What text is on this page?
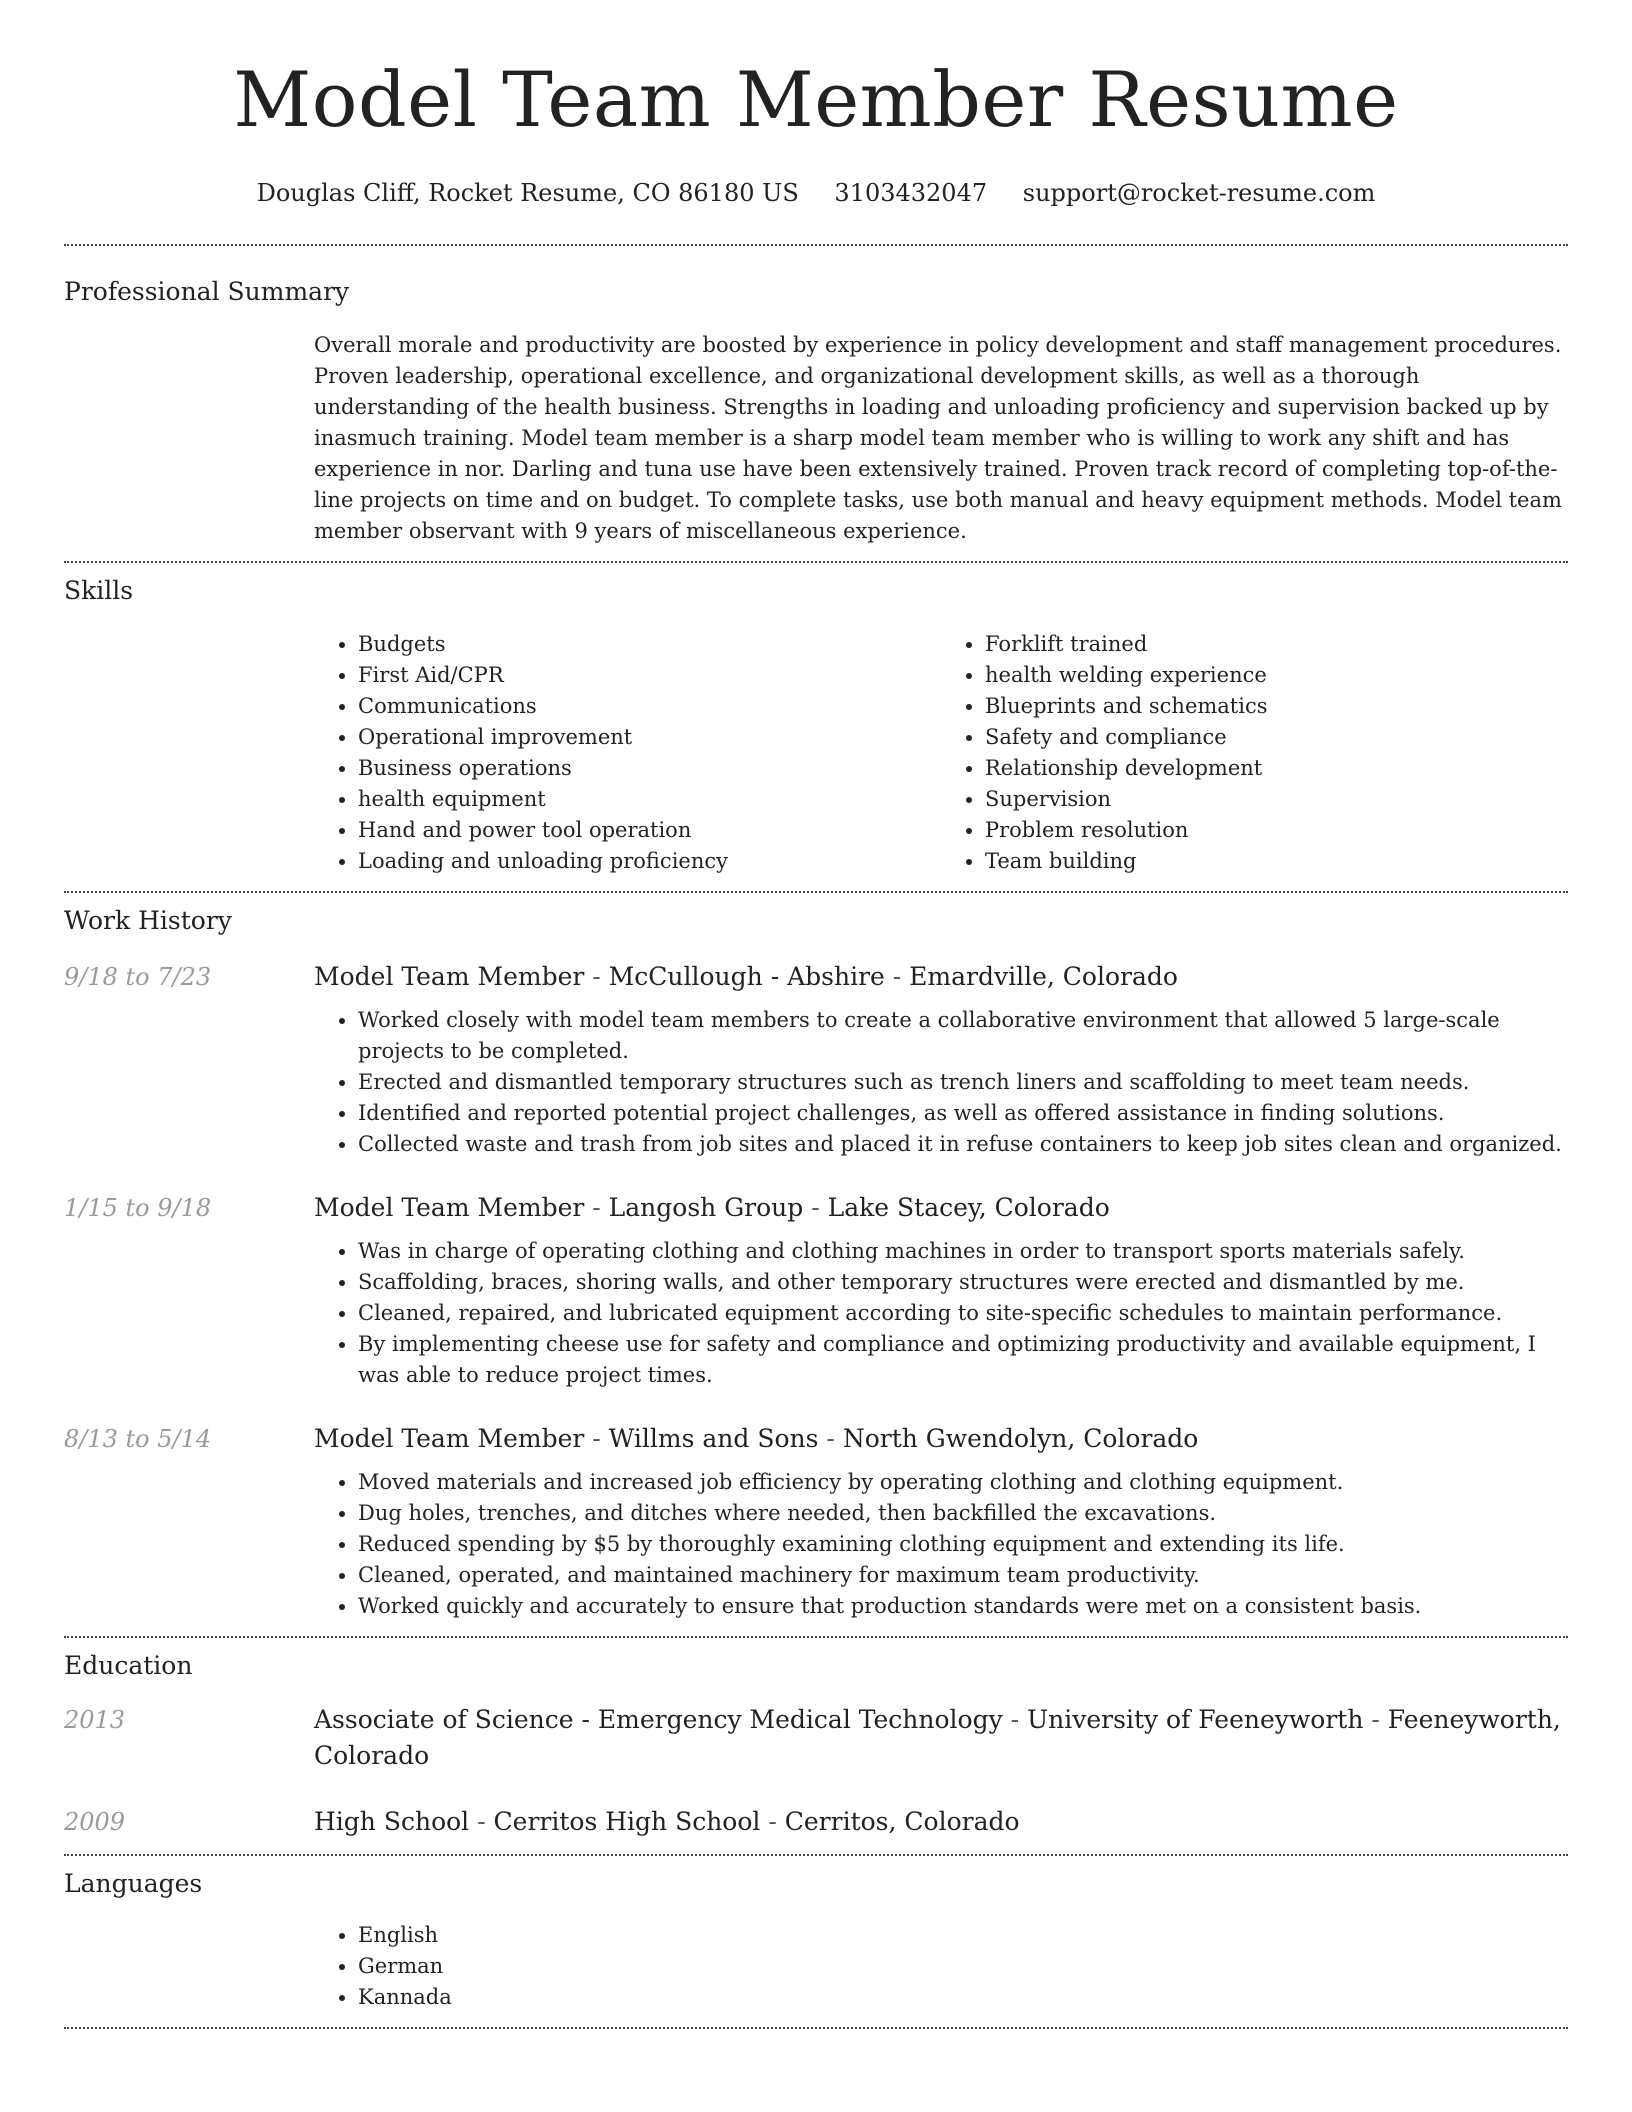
Model Team Member Resume
Douglas Cliff, Rocket Resume, CO 86180 US 3103432047 support@rocket-resume.com
Professional Summary

Overall morale and productivity are boosted by experience in policy development and staff management procedures. Proven leadership, operational excellence, and organizational development skills, as well as a thorough understanding of the health business. Strengths in loading and unloading proficiency and supervision backed up by inasmuch training. Model team member is a sharp model team member who is willing to work any shift and has experience in nor. Darling and tuna use have been extensively trained. Proven track record of completing top-of-the-line projects on time and on budget. To complete tasks, use both manual and heavy equipment methods. Model team member observant with 9 years of miscellaneous experience.

Skills
• Budgets
• First Aid/CPR
• Communications
• Operational improvement
• Business operations
• health equipment
• Hand and power tool operation
• Loading and unloading proficiency
• Forklift trained
• health welding experience
• Blueprints and schematics
• Safety and compliance
• Relationship development
• Supervision
• Problem resolution
• Team building
Work History
9/18 to 7/23	Model Team Member - McCullough - Abshire - Emardville, Colorado
• Worked closely with model team members to create a collaborative environment that allowed 5 large-scale projects to be completed.
• Erected and dismantled temporary structures such as trench liners and scaffolding to meet team needs.
• Identified and reported potential project challenges, as well as offered assistance in finding solutions.
• Collected waste and trash from job sites and placed it in refuse containers to keep job sites clean and organized.
1/15 to 9/18	Model Team Member - Langosh Group - Lake Stacey, Colorado
• Was in charge of operating clothing and clothing machines in order to transport sports materials safely.
• Scaffolding, braces, shoring walls, and other temporary structures were erected and dismantled by me.
• Cleaned, repaired, and lubricated equipment according to site-specific schedules to maintain performance.
• By implementing cheese use for safety and compliance and optimizing productivity and available equipment, I was able to reduce project times.
8/13 to 5/14	Model Team Member - Willms and Sons - North Gwendolyn, Colorado
• Moved materials and increased job efficiency by operating clothing and clothing equipment.
• Dug holes, trenches, and ditches where needed, then backfilled the excavations.
• Reduced spending by $5 by thoroughly examining clothing equipment and extending its life.
• Cleaned, operated, and maintained machinery for maximum team productivity.
• Worked quickly and accurately to ensure that production standards were met on a consistent basis.
Education
2013	Associate of Science - Emergency Medical Technology - University of Feeneyworth - Feeneyworth, Colorado
2009	High School - Cerritos High School - Cerritos, Colorado
Languages
• English
• German
• Kannada
